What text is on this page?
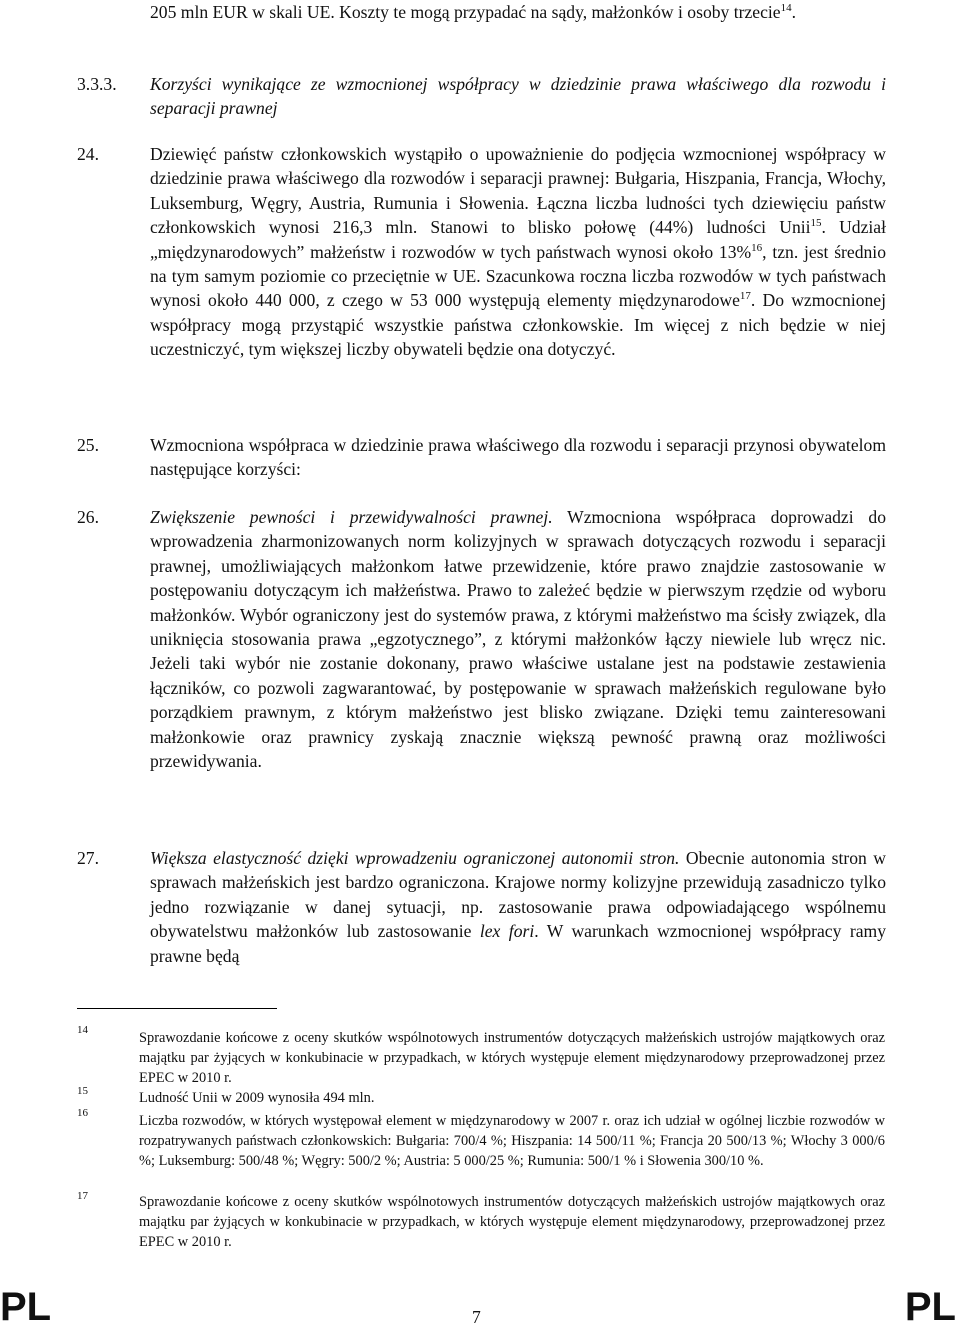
205 mln EUR w skali UE. Koszty te mogą przypadać na sądy, małżonków i osoby trzecie$^{14}$.
3.3.3. Korzyści wynikające ze wzmocnionej współpracy w dziedzinie prawa właściwego dla rozwodu i separacji prawnej
24.	Dziewięć państw członkowskich wystąpiło o upoważnienie do podjęcia wzmocnionej współpracy w dziedzinie prawa właściwego dla rozwodów i separacji prawnej: Bułgaria, Hiszpania, Francja, Włochy, Luksemburg, Węgry, Austria, Rumunia i Słowenia. Łączna liczba ludności tych dziewięciu państw członkowskich wynosi 216,3 mln. Stanowi to blisko połowę (44%) ludności Unii$^{15}$. Udział „międzynarodowych” małżeństw i rozwodów w tych państwach wynosi około 13%$^{16}$, tzn. jest średnio na tym samym poziomie co przeciętnie w UE. Szacunkowa roczna liczba rozwodów w tych państwach wynosi około 440 000, z czego w 53 000 występują elementy międzynarodowe$^{17}$. Do wzmocnionej współpracy mogą przystąpić wszystkie państwa członkowskie. Im więcej z nich będzie w niej uczestniczyć, tym większej liczby obywateli będzie ona dotyczyć.
25.	Wzmocniona współpraca w dziedzinie prawa właściwego dla rozwodu i separacji przynosi obywatelom następujące korzyści:
26.	Zwiększenie pewności i przewidywalności prawnej. Wzmocniona współpraca doprowadzi do wprowadzenia zharmonizowanych norm kolizyjnych w sprawach dotyczących rozwodu i separacji prawnej, umożliwiających małżonkom łatwe przewidzenie, które prawo znajdzie zastosowanie w postępowaniu dotyczącym ich małżeństwa. Prawo to zależeć będzie w pierwszym rzędzie od wyboru małżonków. Wybór ograniczony jest do systemów prawa, z którymi małżeństwo ma ścisły związek, dla uniknięcia stosowania prawa „egzotycznego”, z którymi małżonków łączy niewiele lub wręcz nic. Jeżeli taki wybór nie zostanie dokonany, prawo właściwe ustalane jest na podstawie zestawienia łączników, co pozwoli zagwarantować, by postępowanie w sprawach małżeńskich regulowane było porządkiem prawnym, z którym małżeństwo jest blisko związane. Dzięki temu zainteresowani małżonkowie oraz prawnicy zyskają znacznie większą pewność prawną oraz możliwości przewidywania.
27.	Większa elastyczność dzięki wprowadzeniu ograniczonej autonomii stron. Obecnie autonomia stron w sprawach małżeńskich jest bardzo ograniczona. Krajowe normy kolizyjne przewidują zasadniczo tylko jedno rozwiązanie w danej sytuacji, np. zastosowanie prawa odpowiadającego wspólnemu obywatelstwu małżonków lub zastosowanie lex fori. W warunkach wzmocnionej współpracy ramy prawne będą
14	Sprawozdanie końcowe z oceny skutków wspólnotowych instrumentów dotyczących małżeńskich ustrojów majątkowych oraz majątku par żyjących w konkubinacie w przypadkach, w których występuje element międzynarodowy przeprowadzonej przez EPEC w 2010 r.
15	Ludność Unii w 2009 wynosiła 494 mln.
16	Liczba rozwodów, w których występował element w międzynarodowy w 2007 r. oraz ich udział w ogólnej liczbie rozwodów w rozpatrywanych państwach członkowskich: Bułgaria: 700/4 %; Hiszpania: 14 500/11 %; Francja 20 500/13 %; Włochy 3 000/6 %; Luksemburg: 500/48 %; Węgry: 500/2 %; Austria: 5 000/25 %; Rumunia: 500/1 % i Słowenia 300/10 %.
17	Sprawozdanie końcowe z oceny skutków wspólnotowych instrumentów dotyczących małżeńskich ustrojów majątkowych oraz majątku par żyjących w konkubinacie w przypadkach, w których występuje element międzynarodowy, przeprowadzonej przez EPEC w 2010 r.
PL	7	PL
